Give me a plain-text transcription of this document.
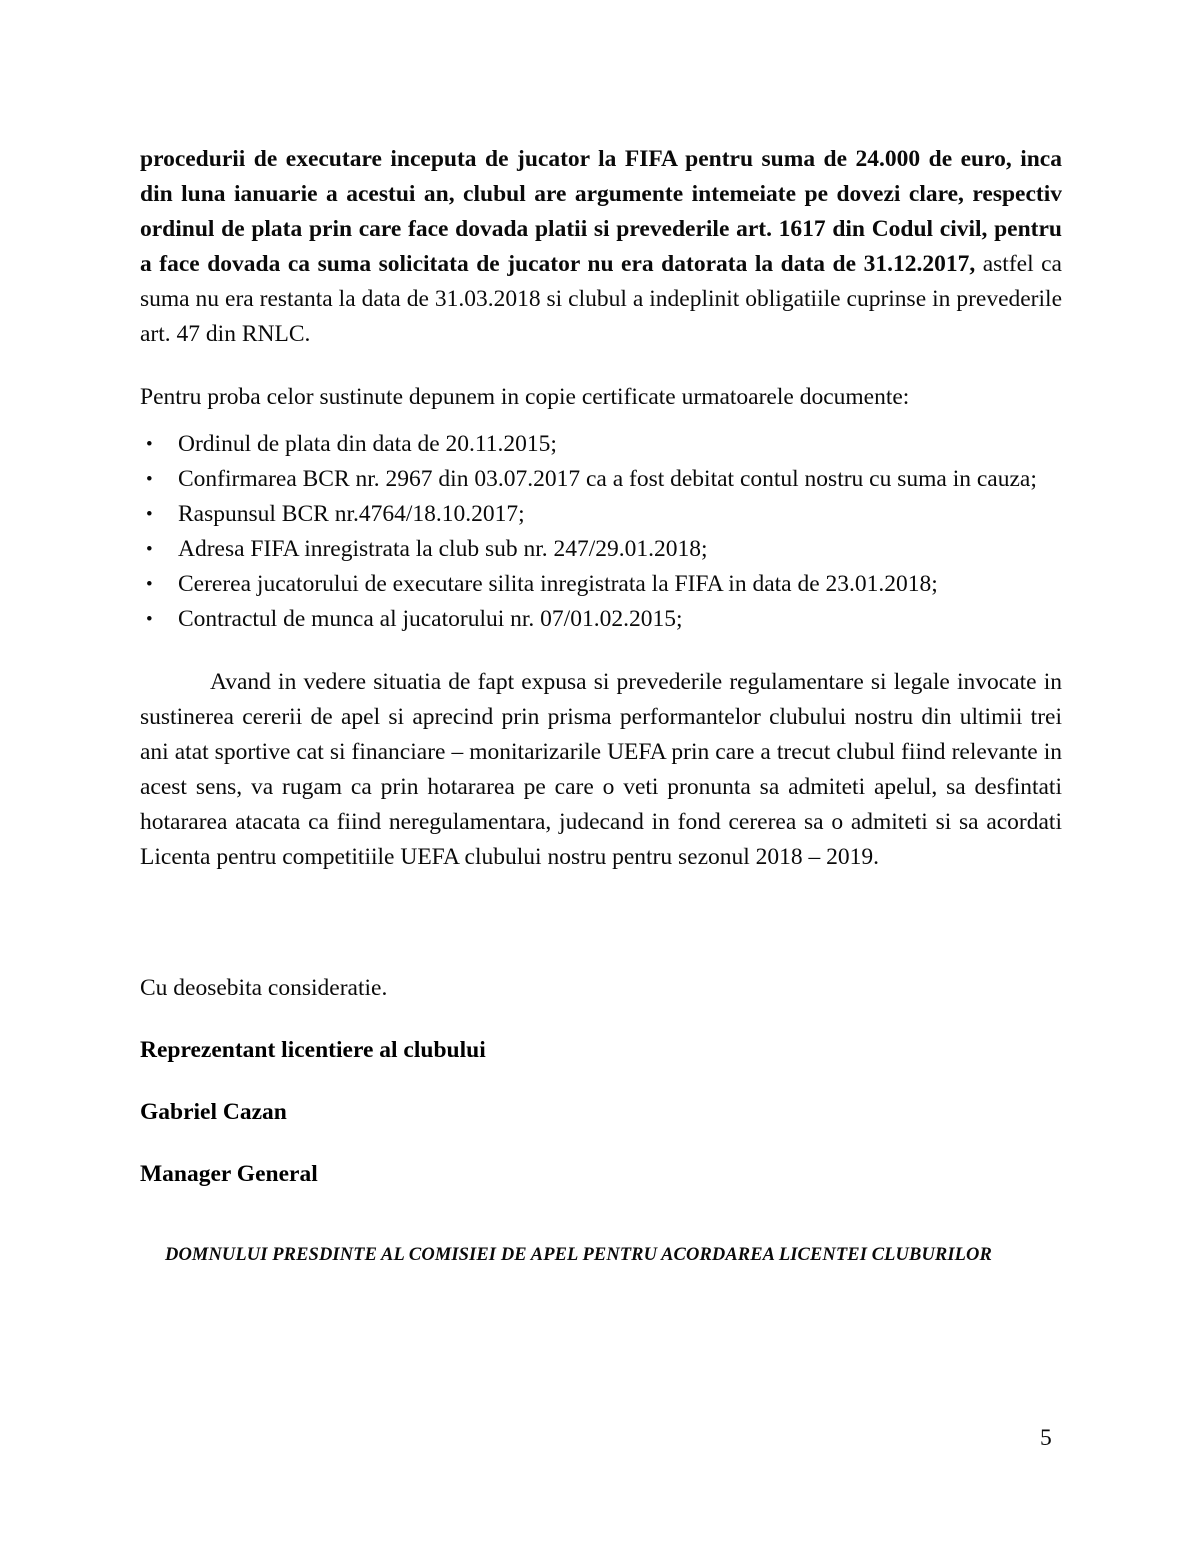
procedurii de executare inceputa de jucator la FIFA pentru suma de 24.000 de euro, inca din luna ianuarie a acestui an, clubul are argumente intemeiate pe dovezi clare, respectiv ordinul de plata prin care face dovada platii si prevederile art. 1617 din Codul civil, pentru a face dovada ca suma solicitata de jucator nu era datorata la data de 31.12.2017, astfel ca suma nu era restanta la data de 31.03.2018 si clubul a indeplinit obligatiile cuprinse in prevederile art. 47 din RNLC.

Pentru proba celor sustinute depunem in copie certificate urmatoarele documente:

• Ordinul de plata din data de 20.11.2015;
• Confirmarea BCR nr. 2967 din 03.07.2017 ca a fost debitat contul nostru cu suma in cauza;
• Raspunsul BCR nr.4764/18.10.2017;
• Adresa FIFA inregistrata la club sub nr. 247/29.01.2018;
• Cererea jucatorului de executare silita inregistrata la FIFA in data de 23.01.2018;
• Contractul de munca al jucatorului nr. 07/01.02.2015;

Avand in vedere situatia de fapt expusa si prevederile regulamentare si legale invocate in sustinerea cererii de apel si aprecind prin prisma performantelor clubului nostru din ultimii trei ani atat sportive cat si financiare – monitarizarile UEFA prin care a trecut clubul fiind relevante in acest sens, va rugam ca prin hotararea pe care o veti pronunta sa admiteti apelul, sa desfintati hotararea atacata ca fiind neregulamentara, judecand in fond cererea sa o admiteti si sa acordati Licenta pentru competitiile UEFA clubului nostru pentru sezonul 2018 – 2019.

Cu deosebita consideratie.

Reprezentant licentiere al clubului

Gabriel Cazan

Manager General

DOMNULUI PRESDINTE AL COMISIEI DE APEL PENTRU ACORDAREA LICENTEI CLUBURILOR
5
